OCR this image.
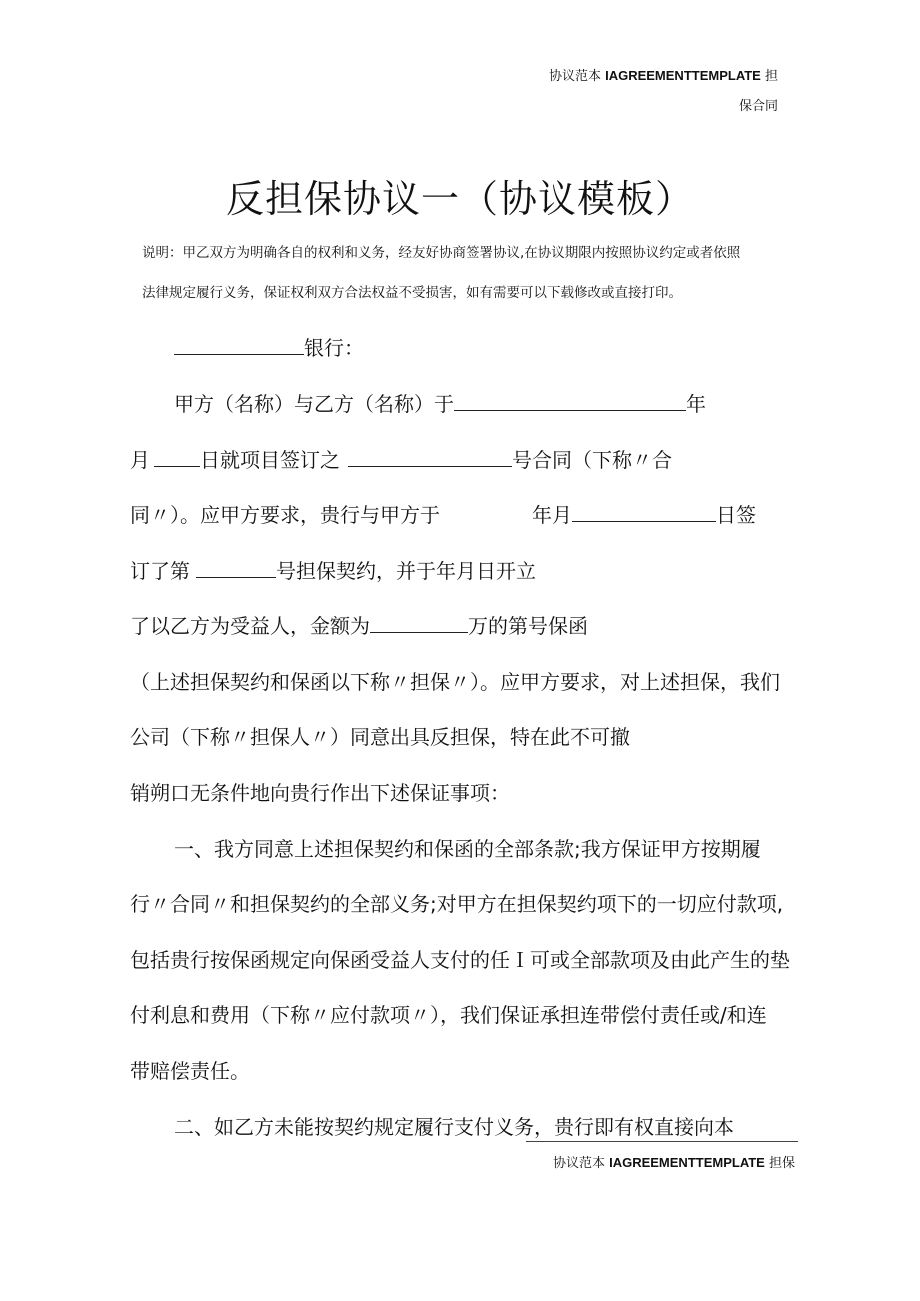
协议范本 IAGREEMENTTEMPLATE 担
保合同
反担保协议一（协议模板）
说明：甲乙双方为明确各自的权利和义务，经友好协商签署协议,在协议期限内按照协议约定或者依照
法律规定履行义务，保证权利双方合法权益不受损害，如有需要可以下载修改或直接打印。
银行：
甲方（名称）与乙方（名称）于	年
月	日就项目签订之	号合同（下称〃合
同〃）。应甲方要求，贵行与甲方于	年月	日签
订了第	号担保契约，并于年月日开立
了以乙方为受益人，金额为	万的第号保函
（上述担保契约和保函以下称〃担保〃）。应甲方要求，对上述担保，我们
公司（下称〃担保人〃）同意出具反担保，特在此不可撤
销朔口无条件地向贵行作出下述保证事项：
一、我方同意上述担保契约和保函的全部条款;我方保证甲方按期履
行〃合同〃和担保契约的全部义务;对甲方在担保契约项下的一切应付款项,
包括贵行按保函规定向保函受益人支付的任Ｉ可或全部款项及由此产生的垫
付利息和费用（下称〃应付款项〃），我们保证承担连带偿付责任或/和连
带赔偿责任。
二、如乙方未能按契约规定履行支付义务，贵行即有权直接向本
协议范本 IAGREEMENTTEMPLATE 担保
